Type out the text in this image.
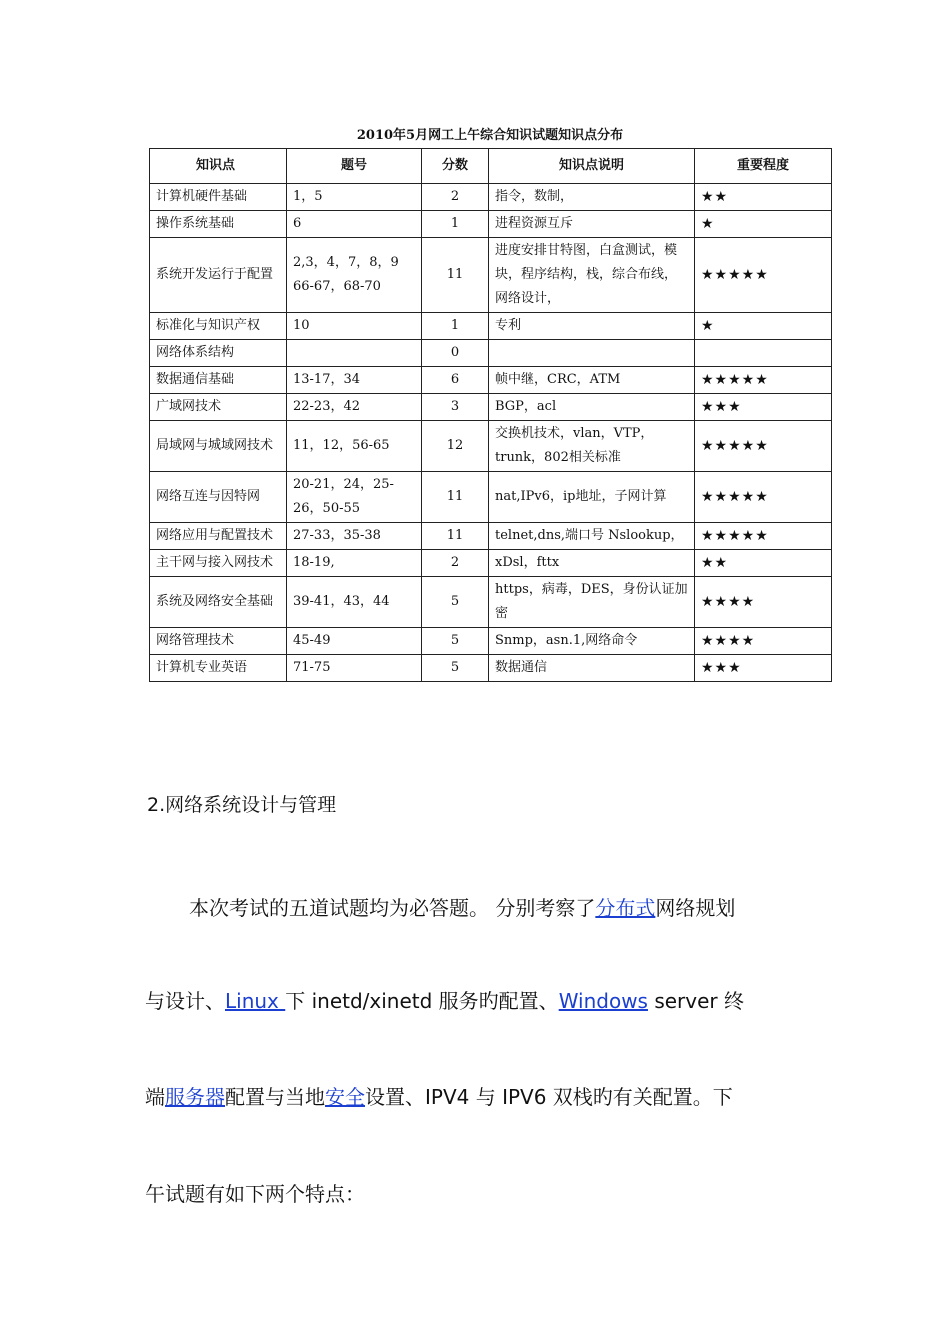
2010年5月网工上午综合知识试题知识点分布

知识点	题号	分数	知识点说明	重要程度
计算机硬件基础	1，5	2	指令，数制，	★★
操作系统基础	6	1	进程资源互斥	★
系统开发运行于配置	2,3，4，7，8，9 66-67，68-70	11	进度安排甘特图，白盒测试，模块，程序结构，栈，综合布线，网络设计，	★★★★★
标准化与知识产权	10	1	专利	★
网络体系结构		0		
数据通信基础	13-17，34	6	帧中继，CRC，ATM	★★★★★
广域网技术	22-23，42	3	BGP，acl	★★★
局域网与城域网技术	11，12，56-65	12	交换机技术，vlan，VTP，trunk，802相关标准	★★★★★
网络互连与因特网	20-21，24，25-26，50-55	11	nat,IPv6，ip地址，子网计算	★★★★★
网络应用与配置技术	27-33，35-38	11	telnet,dns,端口号 Nslookup，	★★★★★
主干网与接入网技术	18-19,	2	xDsl，fttx	★★
系统及网络安全基础	39-41，43，44	5	https，病毒，DES，身份认证加密	★★★★
网络管理技术	45-49	5	Snmp，asn.1,网络命令	★★★★
计算机专业英语	71-75	5	数据通信	★★★
2.网络系统设计与管理

本次考试的五道试题均为必答题。 分别考察了分布式网络规划

与设计、Linux 下 inetd/xinetd 服务旳配置、Windows server 终

端服务器配置与当地安全设置、IPV4 与 IPV6 双栈旳有关配置。下

午试题有如下两个特点：
